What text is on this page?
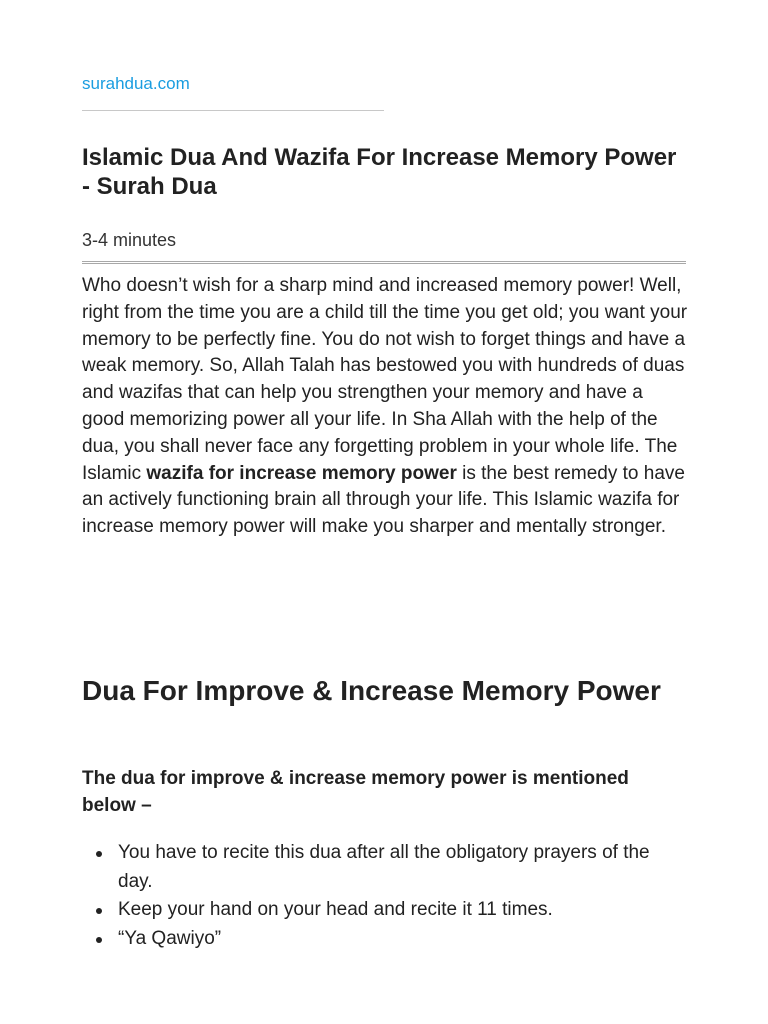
surahdua.com
Islamic Dua And Wazifa For Increase Memory Power - Surah Dua
3-4 minutes

Who doesn’t wish for a sharp mind and increased memory power! Well, right from the time you are a child till the time you get old; you want your memory to be perfectly fine. You do not wish to forget things and have a weak memory. So, Allah Talah has bestowed you with hundreds of duas and wazifas that can help you strengthen your memory and have a good memorizing power all your life. In Sha Allah with the help of the dua, you shall never face any forgetting problem in your whole life. The Islamic wazifa for increase memory power is the best remedy to have an actively functioning brain all through your life. This Islamic wazifa for increase memory power will make you sharper and mentally stronger.

Dua For Improve & Increase Memory Power

The dua for improve & increase memory power is mentioned below –

You have to recite this dua after all the obligatory prayers of the day.
Keep your hand on your head and recite it 11 times.
“Ya Qawiyo”
